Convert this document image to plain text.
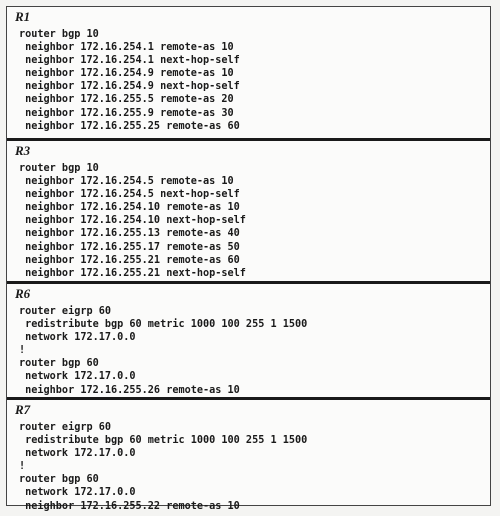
R1
router bgp 10
neighbor 172.16.254.1 remote-as 10
neighbor 172.16.254.1 next-hop-self
neighbor 172.16.254.9 remote-as 10
neighbor 172.16.254.9 next-hop-self
neighbor 172.16.255.5 remote-as 20
neighbor 172.16.255.9 remote-as 30
neighbor 172.16.255.25 remote-as 60
R3
router bgp 10
neighbor 172.16.254.5 remote-as 10
neighbor 172.16.254.5 next-hop-self
neighbor 172.16.254.10 remote-as 10
neighbor 172.16.254.10 next-hop-self
neighbor 172.16.255.13 remote-as 40
neighbor 172.16.255.17 remote-as 50
neighbor 172.16.255.21 remote-as 60
neighbor 172.16.255.21 next-hop-self
R6
router eigrp 60
redistribute bgp 60 metric 1000 100 255 1 1500
network 172.17.0.0
!
router bgp 60
network 172.17.0.0
neighbor 172.16.255.26 remote-as 10
R7
router eigrp 60
redistribute bgp 60 metric 1000 100 255 1 1500
network 172.17.0.0
!
router bgp 60
network 172.17.0.0
neighbor 172.16.255.22 remote-as 10
